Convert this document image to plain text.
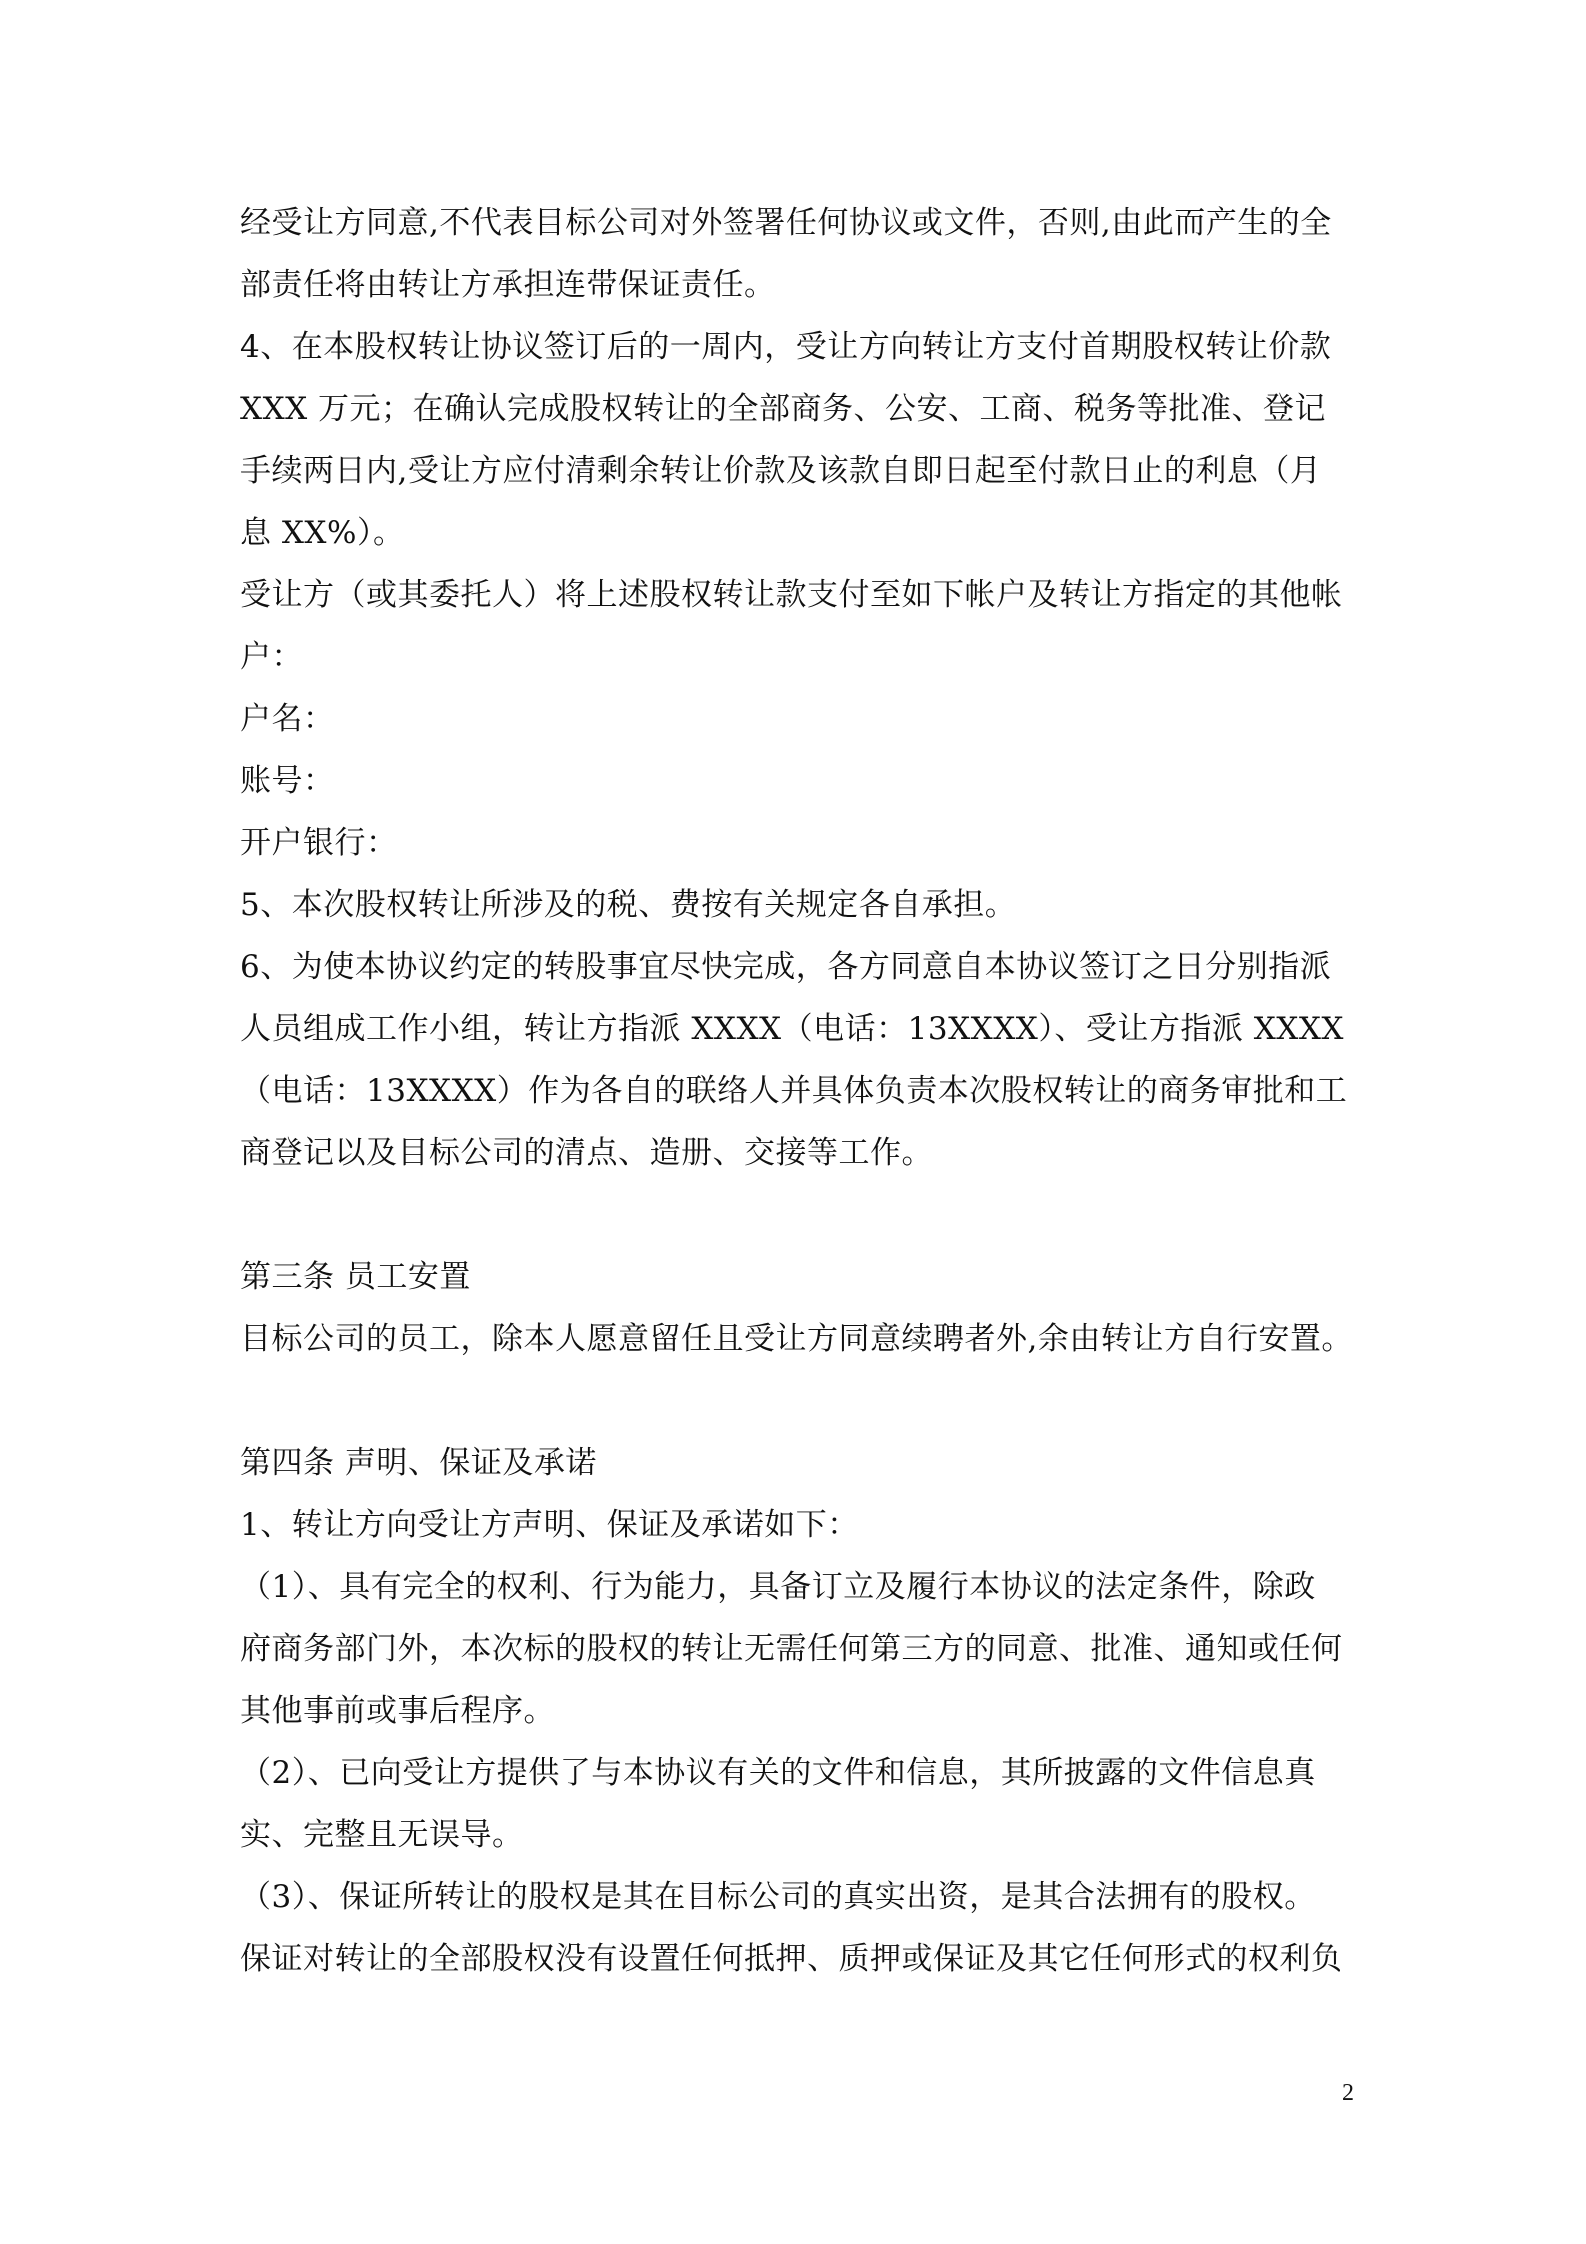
经受让方同意,不代表目标公司对外签署任何协议或文件，否则,由此而产生的全
部责任将由转让方承担连带保证责任。
4、在本股权转让协议签订后的一周内，受让方向转让方支付首期股权转让价款
XXX 万元；在确认完成股权转让的全部商务、公安、工商、税务等批准、登记
手续两日内,受让方应付清剩余转让价款及该款自即日起至付款日止的利息（月
息 XX%）。
受让方（或其委托人）将上述股权转让款支付至如下帐户及转让方指定的其他帐
户：
户名：
账号：
开户银行：
5、本次股权转让所涉及的税、费按有关规定各自承担。
6、为使本协议约定的转股事宜尽快完成，各方同意自本协议签订之日分别指派
人员组成工作小组，转让方指派 XXXX（电话：13XXXX）、受让方指派 XXXX
（电话：13XXXX）作为各自的联络人并具体负责本次股权转让的商务审批和工
商登记以及目标公司的清点、造册、交接等工作。
第三条 员工安置
目标公司的员工，除本人愿意留任且受让方同意续聘者外,余由转让方自行安置。
第四条 声明、保证及承诺
1、转让方向受让方声明、保证及承诺如下：
（1）、具有完全的权利、行为能力，具备订立及履行本协议的法定条件，除政
府商务部门外，本次标的股权的转让无需任何第三方的同意、批准、通知或任何
其他事前或事后程序。
（2）、已向受让方提供了与本协议有关的文件和信息，其所披露的文件信息真
实、完整且无误导。
（3）、保证所转让的股权是其在目标公司的真实出资，是其合法拥有的股权。
保证对转让的全部股权没有设置任何抵押、质押或保证及其它任何形式的权利负
2
